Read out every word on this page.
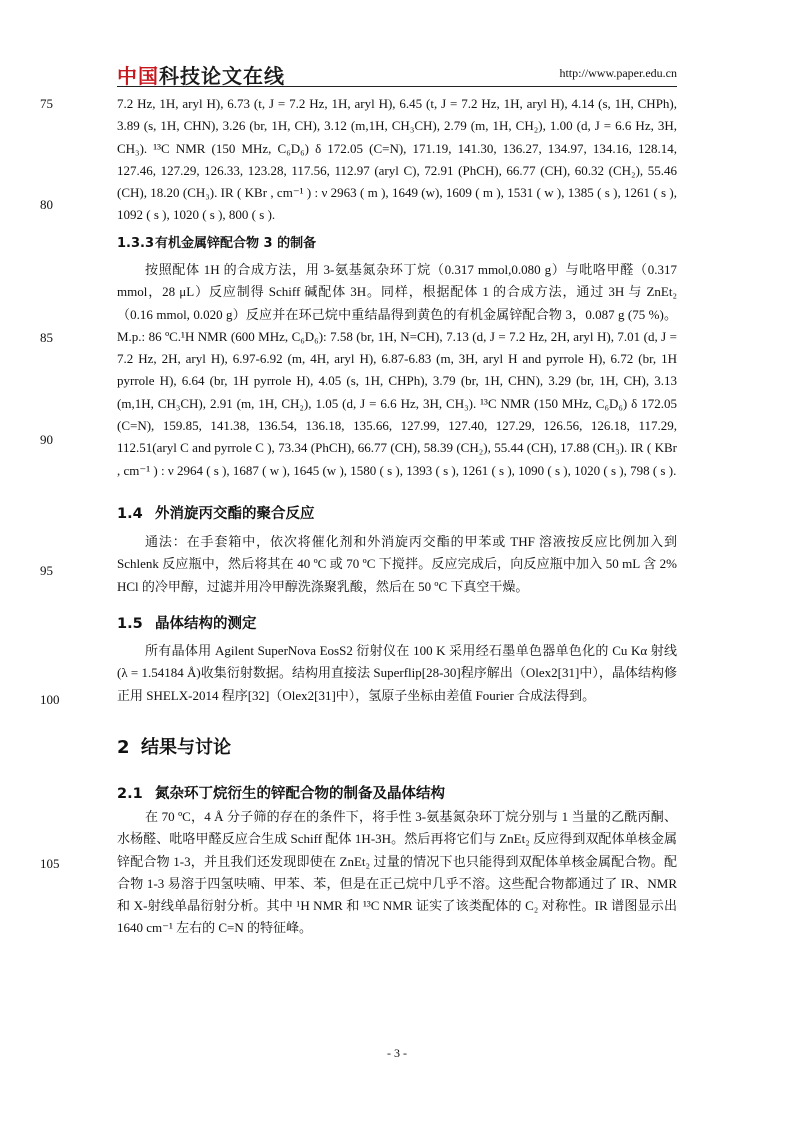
中国科技论文在线	http://www.paper.edu.cn
75
80
85
90
95
100
105

7.2 Hz, 1H, aryl H), 6.73 (t, J = 7.2 Hz, 1H, aryl H), 6.45 (t, J = 7.2 Hz, 1H, aryl H), 4.14 (s, 1H, CHPh), 3.89 (s, 1H, CHN), 3.26 (br, 1H, CH), 3.12 (m,1H, CH₃CH), 2.79 (m, 1H, CH₂), 1.00 (d, J = 6.6 Hz, 3H, CH₃). ¹³C NMR (150 MHz, C₆D₆) δ 172.05 (C=N), 171.19, 141.30, 136.27, 134.97, 134.16, 128.14, 127.46, 127.29, 126.33, 123.28, 117.56, 112.97 (aryl C), 72.91 (PhCH), 66.77 (CH), 60.32 (CH₂), 55.46 (CH), 18.20 (CH₃). IR ( KBr , cm⁻¹ ) : ν 2963 ( m ), 1649 (w), 1609 ( m ), 1531 ( w ), 1385 ( s ), 1261 ( s ), 1092 ( s ), 1020 ( s ), 800 ( s ).

1.3.3有机金属锌配合物 3 的制备

按照配体 1H 的合成方法，用 3-氨基氮杂环丁烷（0.317 mmol,0.080 g）与吡咯甲醛（0.317 mmol，28 μL）反应制得 Schiff 碱配体 3H。同样，根据配体 1 的合成方法，通过 3H 与 ZnEt₂（0.16 mmol, 0.020 g）反应并在环己烷中重结晶得到黄色的有机金属锌配合物 3，0.087 g (75 %)。M.p.: 86 ºC.¹H NMR (600 MHz, C₆D₆): 7.58 (br, 1H, N=CH), 7.13 (d, J = 7.2 Hz, 2H, aryl H), 7.01 (d, J = 7.2 Hz, 2H, aryl H), 6.97-6.92 (m, 4H, aryl H), 6.87-6.83 (m, 3H, aryl H and pyrrole H), 6.72 (br, 1H pyrrole H), 6.64 (br, 1H pyrrole H), 4.05 (s, 1H, CHPh), 3.79 (br, 1H, CHN), 3.29 (br, 1H, CH), 3.13 (m,1H, CH₃CH), 2.91 (m, 1H, CH₂), 1.05 (d, J = 6.6 Hz, 3H, CH₃). ¹³C NMR (150 MHz, C₆D₆) δ 172.05 (C=N), 159.85, 141.38, 136.54, 136.18, 135.66, 127.99, 127.40, 127.29, 126.56, 126.18, 117.29, 112.51(aryl C and pyrrole C ), 73.34 (PhCH), 66.77 (CH), 58.39 (CH₂), 55.44 (CH), 17.88 (CH₃). IR ( KBr , cm⁻¹ ) : ν 2964 ( s ), 1687 ( w ), 1645 (w ), 1580 ( s ), 1393 ( s ), 1261 ( s ), 1090 ( s ), 1020 ( s ), 798 ( s ).

1.4 外消旋丙交酯的聚合反应

通法：在手套箱中，依次将催化剂和外消旋丙交酯的甲苯或 THF 溶液按反应比例加入到 Schlenk 反应瓶中，然后将其在 40 ºC 或 70 ºC 下搅拌。反应完成后，向反应瓶中加入 50 mL 含 2% HCl 的冷甲醇，过滤并用冷甲醇洗涤聚乳酸，然后在 50 ºC 下真空干燥。

1.5 晶体结构的测定

所有晶体用 Agilent SuperNova EosS2 衍射仪在 100 K 采用经石墨单色器单色化的 Cu Kα 射线(λ = 1.54184 Å)收集衍射数据。结构用直接法 Superflip[28-30]程序解出（Olex2[31]中），晶体结构修正用 SHELX-2014 程序[32]（Olex2[31]中），氢原子坐标由差值 Fourier 合成法得到。

2 结果与讨论
2.1 氮杂环丁烷衍生的锌配合物的制备及晶体结构

在 70 ºC，4 Å 分子筛的存在的条件下，将手性 3-氨基氮杂环丁烷分别与 1 当量的乙酰丙酮、水杨醛、吡咯甲醛反应合生成 Schiff 配体 1H-3H。然后再将它们与 ZnEt₂ 反应得到双配体单核金属锌配合物 1-3，并且我们还发现即使在 ZnEt₂ 过量的情况下也只能得到双配体单核金属配合物。配合物 1-3 易溶于四氢呋喃、甲苯、苯，但是在正己烷中几乎不溶。这些配合物都通过了 IR、NMR 和 X-射线单晶衍射分析。其中 ¹H NMR 和 ¹³C NMR 证实了该类配体的 C₂ 对称性。IR 谱图显示出 1640 cm⁻¹ 左右的 C=N 的特征峰。

- 3 -
